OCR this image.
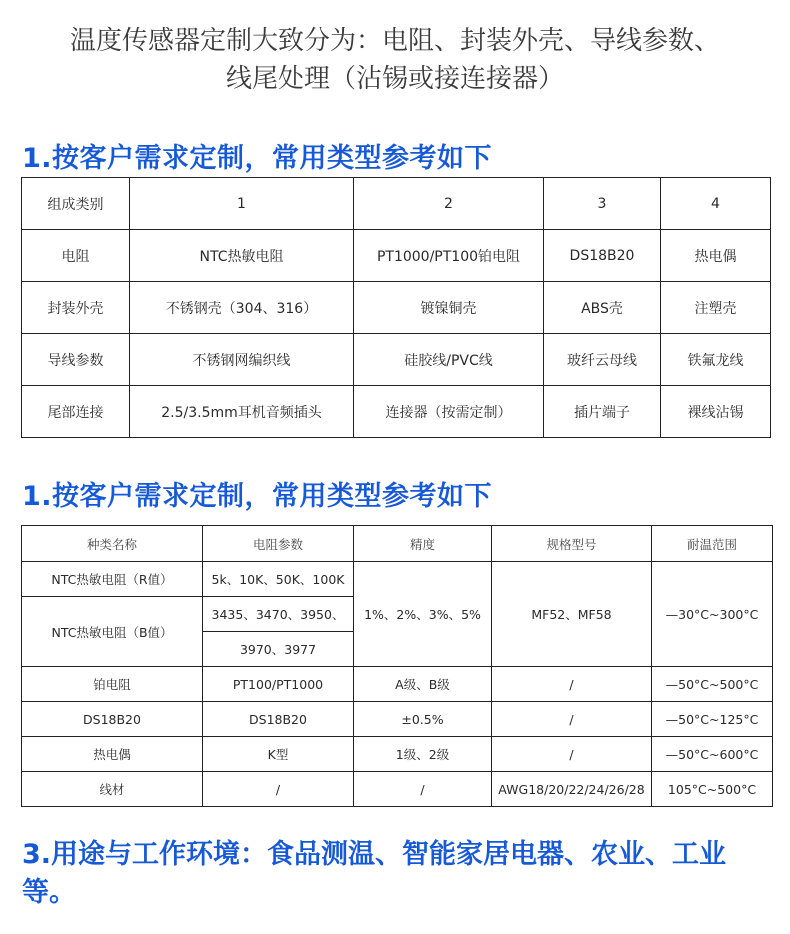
温度传感器定制大致分为：电阻、封装外壳、导线参数、
线尾处理（沾锡或接连接器）
1.按客户需求定制，常用类型参考如下
组成类别	1	2	3	4
电阻	NTC热敏电阻	PT1000/PT100铂电阻	DS18B20	热电偶
封装外壳	不锈钢壳（304、316）	镀镍铜壳	ABS壳	注塑壳
导线参数	不锈钢网编织线	硅胶线/PVC线	玻纤云母线	铁氟龙线
尾部连接	2.5/3.5mm耳机音频插头	连接器（按需定制）	插片端子	裸线沾锡
1.按客户需求定制，常用类型参考如下
种类名称	电阻参数	精度	规格型号	耐温范围
NTC热敏电阻（R值）	5k、10K、50K、100K	1%、2%、3%、5%	MF52、MF58	—30°C~300°C
NTC热敏电阻（B值）	3435、3470、3950、			
	3970、3977			
铂电阻	PT100/PT1000	A级、B级	/	—50°C~500°C
DS18B20	DS18B20	±0.5%	/	—50°C~125°C
热电偶	K型	1级、2级	/	—50°C~600°C
线材	/	/	AWG18/20/22/24/26/28	105°C~500°C
3.用途与工作环境：食品测温、智能家居电器、农业、工业等。
